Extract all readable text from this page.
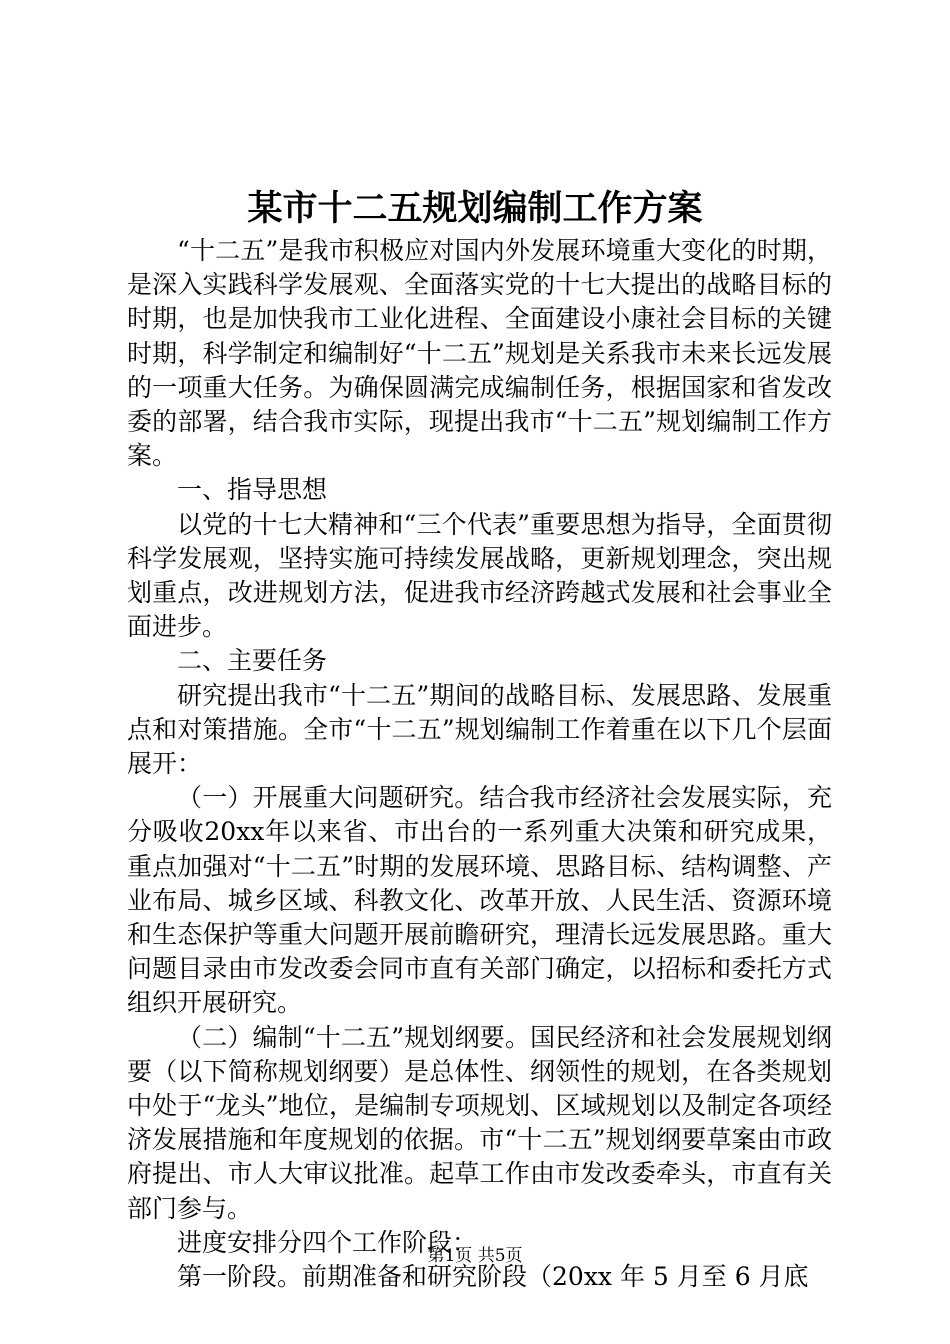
某市十二五规划编制工作方案

“十二五”是我市积极应对国内外发展环境重大变化的时期，是深入实践科学发展观、全面落实党的十七大提出的战略目标的时期，也是加快我市工业化进程、全面建设小康社会目标的关键时期，科学制定和编制好“十二五”规划是关系我市未来长远发展的一项重大任务。为确保圆满完成编制任务，根据国家和省发改委的部署，结合我市实际，现提出我市“十二五”规划编制工作方案。

一、指导思想

以党的十七大精神和“三个代表”重要思想为指导，全面贯彻科学发展观，坚持实施可持续发展战略，更新规划理念，突出规划重点，改进规划方法，促进我市经济跨越式发展和社会事业全面进步。

二、主要任务

研究提出我市“十二五”期间的战略目标、发展思路、发展重点和对策措施。全市“十二五”规划编制工作着重在以下几个层面展开：

（一）开展重大问题研究。结合我市经济社会发展实际，充分吸收20xx年以来省、市出台的一系列重大决策和研究成果，重点加强对“十二五”时期的发展环境、思路目标、结构调整、产业布局、城乡区域、科教文化、改革开放、人民生活、资源环境和生态保护等重大问题开展前瞻研究，理清长远发展思路。重大问题目录由市发改委会同市直有关部门确定，以招标和委托方式组织开展研究。

（二）编制“十二五”规划纲要。国民经济和社会发展规划纲要（以下简称规划纲要）是总体性、纲领性的规划，在各类规划中处于“龙头”地位，是编制专项规划、区域规划以及制定各项经济发展措施和年度规划的依据。市“十二五”规划纲要草案由市政府提出、市人大审议批准。起草工作由市发改委牵头，市直有关部门参与。

进度安排分四个工作阶段：

第一阶段。前期准备和研究阶段（20xx 年 5 月至 6 月底

第1页 共5页
